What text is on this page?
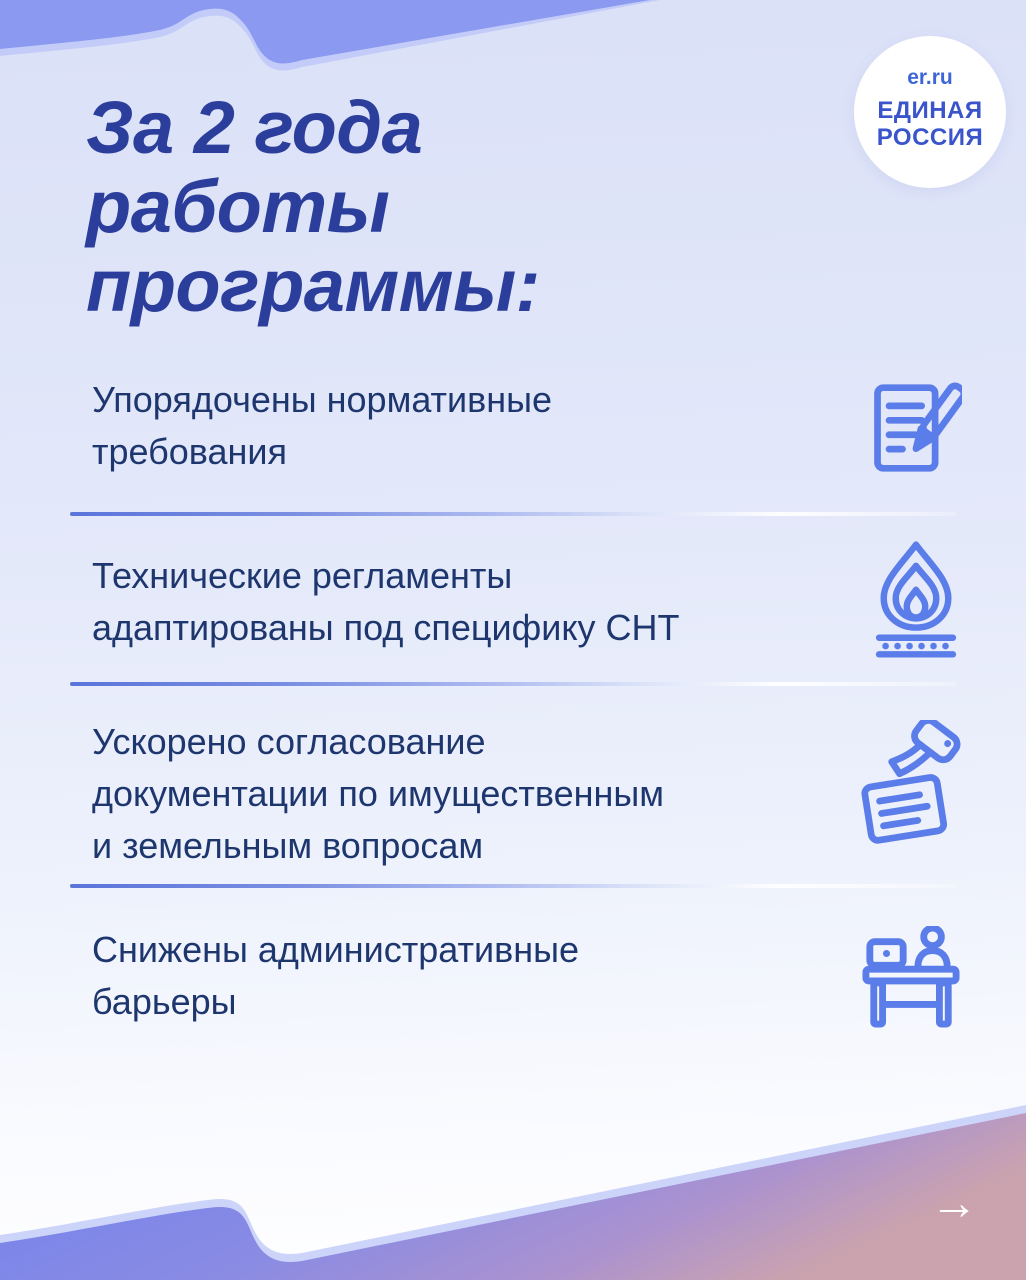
er.ru
ЕДИНАЯ
РОССИЯ
За 2 года
работы
программы:
Упорядочены нормативные
требования
Технические регламенты
адаптированы под специфику СНТ
Ускорено согласование
документации по имущественным
и земельным вопросам
Снижены административные
барьеры
→
